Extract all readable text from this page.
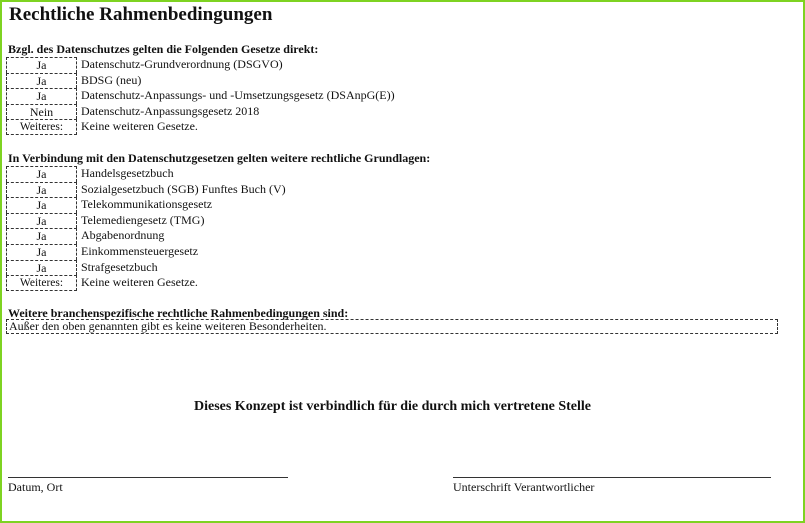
Rechtliche Rahmenbedingungen
Bzgl. des Datenschutzes gelten die Folgenden Gesetze direkt:
Ja	Datenschutz-Grundverordnung (DSGVO)
Ja	BDSG (neu)
Ja	Datenschutz-Anpassungs- und -Umsetzungsgesetz (DSAnpG(E))
Nein	Datenschutz-Anpassungsgesetz 2018
Weiteres:	Keine weiteren Gesetze.
In Verbindung mit den Datenschutzgesetzen gelten weitere rechtliche Grundlagen:
Ja	Handelsgesetzbuch
Ja	Sozialgesetzbuch (SGB) Funftes Buch (V)
Ja	Telekommunikationsgesetz
Ja	Telemediengesetz (TMG)
Ja	Abgabenordnung
Ja	Einkommensteuergesetz
Ja	Strafgesetzbuch
Weiteres:	Keine weiteren Gesetze.
Weitere branchenspezifische rechtliche Rahmenbedingungen sind:
Außer den oben genannten gibt es keine weiteren Besonderheiten.
Dieses Konzept ist verbindlich für die durch mich vertretene Stelle
Datum, Ort	Unterschrift Verantwortlicher
